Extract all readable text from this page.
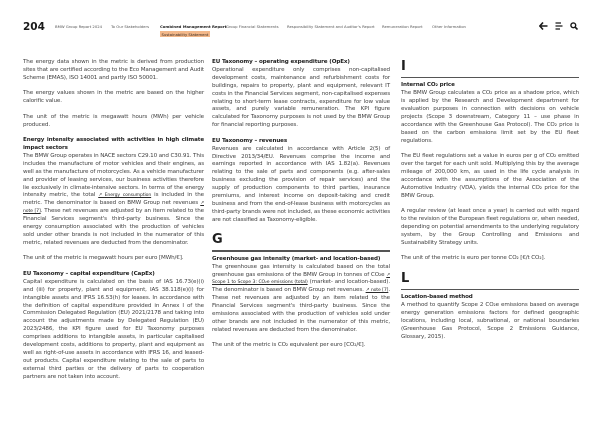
204	BMW Group Report 2024 To Our Stakeholders	Combined Management Report Group Financial Statements Responsibility Statement and Auditor's Report Remuneration Report Other Information
Sustainability Statement

The energy data shown in the metric is derived from production sites that are certified according to the Eco Management and Audit Scheme (EMAS), ISO 14001 and partly ISO 50001.

The energy values shown in the metric are based on the higher calorific value.

The unit of the metric is megawatt hours (MWh) per vehicle produced.

Energy intensity associated with activities in high climate impact sectors

The BMW Group operates in NACE sectors C29.10 and C30.91. This includes the manufacture of motor vehicles and their engines, as well as the manufacture of motorcycles. As a vehicle manufacturer and provider of leasing services, our business activities therefore lie exclusively in climate-intensive sectors. In terms of the energy intensity metric, the total ↗ Energy consumption is included in the metric. The denominator is based on BMW Group net revenues ↗ note [7]. These net revenues are adjusted by an item related to the Financial Services segment's third-party business. Since the energy consumption associated with the production of vehicles sold under other brands is not included in the numerator of this metric, related revenues are deducted from the denominator.

The unit of the metric is megawatt hours per euro [MWh/€].

EU Taxonomy – capital expenditure (CapEx)

Capital expenditure is calculated on the basis of IAS 16.73(e)(i) and (iii) for property, plant and equipment, IAS 38.118(e)(i) for intangible assets and IFRS 16.53(h) for leases. In accordance with the definition of capital expenditure provided in Annex I of the Commission Delegated Regulation (EU) 2021/2178 and taking into account the adjustments made by Delegated Regulation (EU) 2023/2486, the KPI figure used for EU Taxonomy purposes comprises additions to intangible assets, in particular capitalised development costs, additions to property, plant and equipment as well as right-of-use assets in accordance with IFRS 16, and leased-out products. Capital expenditure relating to the sale of parts to external third parties or the delivery of parts to cooperation partners are not taken into account.

EU Taxonomy – operating expenditure (OpEx)

Operational expenditure only comprises non-capitalised development costs, maintenance and refurbishment costs for buildings, repairs to property, plant and equipment, relevant IT costs in the Financial Services segment, non-capitalised expenses relating to short-term lease contracts, expenditure for low value assets, and purely variable remuneration. The KPI figure calculated for Taxonomy purposes is not used by the BMW Group for financial reporting purposes.

EU Taxonomy – revenues

Revenues are calculated in accordance with Article 2(5) of Directive 2013/34/EU. Revenues comprise the income and earnings reported in accordance with IAS 1.82(a). Revenues relating to the sale of parts and components (e.g. after-sales business excluding the provision of repair services) and the supply of production components to third parties, insurance premiums, and interest income on deposit-taking and credit business and from the end-of-lease business with motorcycles as third-party brands were not included, as these economic activities are not classified as Taxonomy-eligible.

G
Greenhouse gas intensity (market- and location-based)

The greenhouse gas intensity is calculated based on the total greenhouse gas emissions of the BMW Group in tonnes of CO₂e ↗ Scope 1 to Scope 3: CO₂e emissions (total) (market- and location-based). The denominator is based on BMW Group net revenues. ↗ note [7]. These net revenues are adjusted by an item related to the Financial Services segment's third-party business. Since the emissions associated with the production of vehicles sold under other brands are not included in the numerator of this metric, related revenues are deducted from the denominator.

The unit of the metric is CO₂ equivalent per euro [CO₂/€].

I
Internal CO₂ price

The BMW Group calculates a CO₂ price as a shadow price, which is applied by the Research and Development department for evaluation purposes in connection with decisions on vehicle projects (Scope 3 downstream, Category 11 – use phase in accordance with the Greenhouse Gas Protocol). The CO₂ price is based on the carbon emissions limit set by the EU fleet regulations.

The EU fleet regulations set a value in euros per g of CO₂ emitted over the target for each unit sold. Multiplying this by the average mileage of 200,000 km, as used in the life cycle analysis in accordance with the assumptions of the Association of the Automotive Industry (VDA), yields the internal CO₂ price for the BMW Group.

A regular review (at least once a year) is carried out with regard to the revision of the European fleet regulations or, when needed, depending on potential amendments to the underlying regulatory system, by the Group Controlling and Emissions and Sustainability Strategy units.

The unit of the metric is euro per tonne CO₂ [€/t CO₂].

L
Location-based method

A method to quantify Scope 2 CO₂e emissions based on average energy generation emissions factors for defined geographic locations, including local, subnational, or national boundaries (Greenhouse Gas Protocol, Scope 2 Emissions Guidance, Glossary, 2015).
